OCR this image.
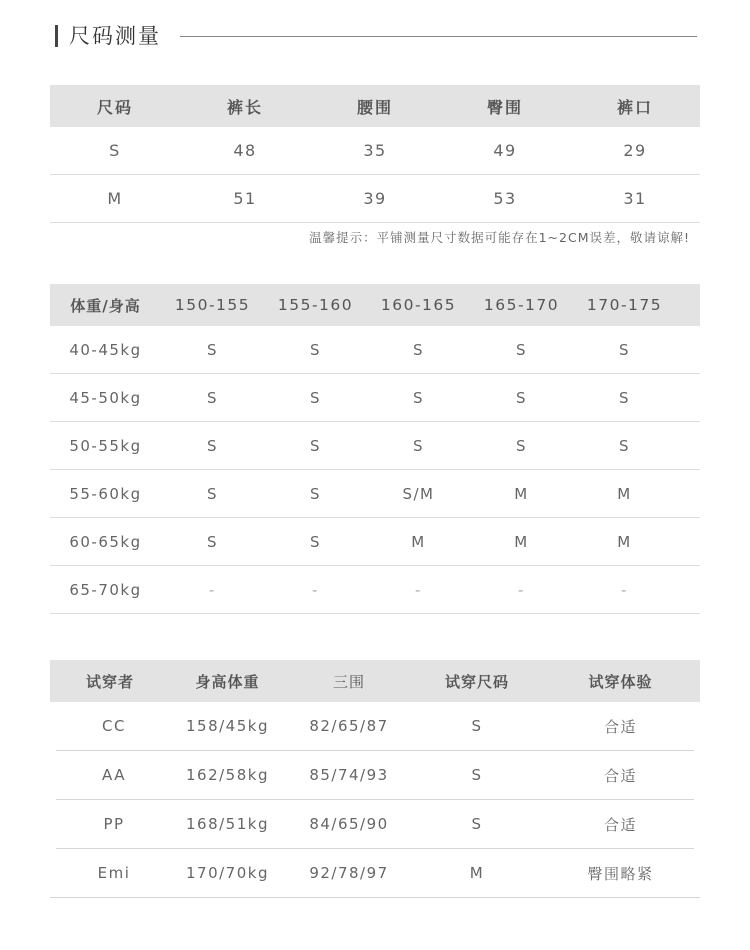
尺码测量
尺码	裤长	腰围	臀围	裤口
S	48	35	49	29
M	51	39	53	31
温馨提示：平铺测量尺寸数据可能存在1~2CM误差，敬请谅解!
体重/身高	150-155	155-160	160-165	165-170	170-175
40-45kg	S	S	S	S	S
45-50kg	S	S	S	S	S
50-55kg	S	S	S	S	S
55-60kg	S	S	S/M	M	M
60-65kg	S	S	M	M	M
65-70kg	-	-	-	-	-
试穿者	身高体重	三围	试穿尺码	试穿体验
CC	158/45kg	82/65/87	S	合适
AA	162/58kg	85/74/93	S	合适
PP	168/51kg	84/65/90	S	合适
Emi	170/70kg	92/78/97	M	臀围略紧
